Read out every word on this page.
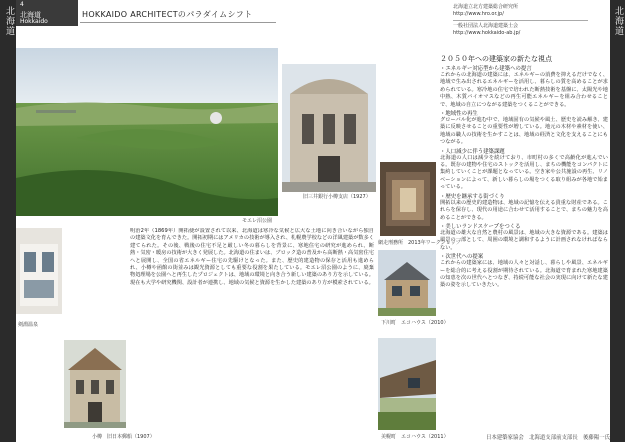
北海道	北海道
4
北海道
Hokkaido
HOKKAIDO ARCHITECTのパラダイムシフト
北海道立北方建築総合研究所
http://www.hro.or.jp/
一般社団法人北海道建築士会
http://www.hokkaido-ab.jp/
モエレ沼公園
旧三井銀行小樽支店（1927）
網走刑務所　2013年ワークショップ
剣淵温泉
小樽　旧日本郵船（1907）
下川町　エコハウス（2010）
美幌町　エコハウス（2011）
明治2年（1869年）開拓使が設置されて以来、北海道は寒冷な気候と広大な土地に向き合いながら独自の建築文化を育んできた。開拓初期にはアメリカの技術が導入され、札幌農学校などの洋風建築が数多く建てられた。その後、戦後の住宅不足と厳しい冬の暮らしを背景に、寒地住宅の研究が進められ、断熱・気密・暖房の技術が大きく発展した。北海道の住まいは、ブロック造の普及から高断熱・高気密住宅へと展開し、全国の省エネルギー住宅の先駆けとなった。また、歴史的建造物の保存と活用も進められ、小樽や函館の街並みは観光資源としても重要な役割を果たしている。モエレ沼公園のように、廃棄物処理場を公園へと再生したプロジェクトは、地域の環境と向き合う新しい建築のあり方を示している。現在も大学や研究機関、設計者が連携し、地域の気候と資源を生かした建築のあり方が模索されている。
２０５０年への建築家の新たな視点
・エネルギー対応型から建築への提言
これからの北海道の建築には、エネルギーの消費を抑えるだけでなく、地域で生み出されるエネルギーを活用し、暮らしの質を高めることが求められている。寒冷地の住宅で培われた断熱技術を基盤に、太陽光や地中熱、木質バイオマスなどの再生可能エネルギーを組み合わせることで、地域の自立につながる建築をつくることができる。
・地域性の再生
グローバル化が進む中で、地域固有の気候や風土、歴史を読み解き、建築に反映させることの重要性が増している。地元の木材や素材を使い、地域の職人の技術を生かすことは、地域の経済と文化を支えることにもつながる。
・人口減少に伴う建築課題
北海道の人口は減少を続けており、市町村の多くで高齢化が進んでいる。既存の建物や住宅のストックを活用し、まちの機能をコンパクトに集約していくことが課題となっている。空き家や公共施設の再生、リノベーションによって、新しい暮らしの場をつくる取り組みが各地で始まっている。
・歴史を継承する街づくり
開拓以来の歴史的建造物は、地域の記憶を伝える貴重な財産である。これらを保存し、現代の用途に合わせて活用することで、まちの魅力を高めることができる。
・美しいランドスケープをつくる
北海道の雄大な自然と農村の風景は、地域の大きな資源である。建築は風景の一部として、周囲の環境と調和するように計画されなければならない。
・次世代への提案
これからの建築家には、地域の人々と対話し、暮らしや風景、エネルギーを総合的に考える役割が期待されている。北海道で育まれた寒地建築の知恵を次の世代へとつなぎ、持続可能な社会の実現に向けて新たな建築の姿を示していきたい。
日本建築家協会　北海道支部前支部長　後藤陽一氏
